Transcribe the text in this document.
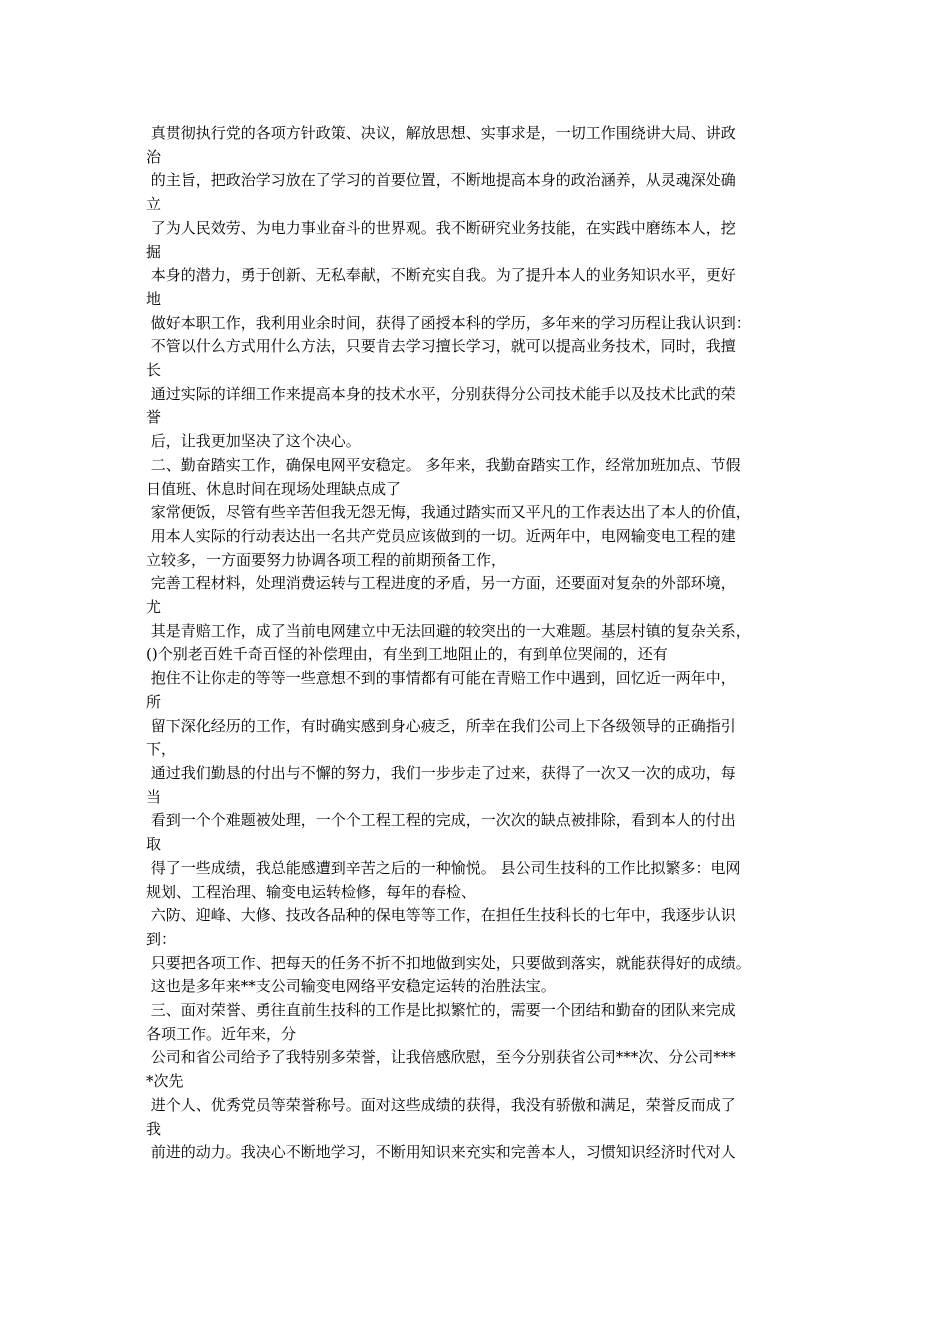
真贯彻执行党的各项方针政策、决议，解放思想、实事求是，一切工作围绕讲大局、讲政
治
的主旨，把政治学习放在了学习的首要位置，不断地提高本身的政治涵养，从灵魂深处确
立
了为人民效劳、为电力事业奋斗的世界观。我不断研究业务技能，在实践中磨练本人，挖
掘
本身的潜力，勇于创新、无私奉献，不断充实自我。为了提升本人的业务知识水平，更好
地
做好本职工作，我利用业余时间，获得了函授本科的学历，多年来的学习历程让我认识到：
不管以什么方式用什么方法，只要肯去学习擅长学习，就可以提高业务技术，同时，我擅
长
通过实际的详细工作来提高本身的技术水平，分别获得分公司技术能手以及技术比武的荣
誉
后，让我更加坚决了这个决心。
二、勤奋踏实工作，确保电网平安稳定。 多年来，我勤奋踏实工作，经常加班加点、节假
日值班、休息时间在现场处理缺点成了
家常便饭，尽管有些辛苦但我无怨无悔，我通过踏实而又平凡的工作表达出了本人的价值，
用本人实际的行动表达出一名共产党员应该做到的一切。近两年中，电网输变电工程的建
立较多，一方面要努力协调各项工程的前期预备工作，
完善工程材料，处理消费运转与工程进度的矛盾，另一方面，还要面对复杂的外部环境，
尤
其是青赔工作，成了当前电网建立中无法回避的较突出的一大难题。基层村镇的复杂关系，
()个别老百姓千奇百怪的补偿理由，有坐到工地阻止的，有到单位哭闹的，还有
抱住不让你走的等等一些意想不到的事情都有可能在青赔工作中遇到，回忆近一两年中，
所
留下深化经历的工作，有时确实感到身心疲乏，所幸在我们公司上下各级领导的正确指引
下，
通过我们勤恳的付出与不懈的努力，我们一步步走了过来，获得了一次又一次的成功，每
当
看到一个个难题被处理，一个个工程工程的完成，一次次的缺点被排除，看到本人的付出
取
得了一些成绩，我总能感遭到辛苦之后的一种愉悦。 县公司生技科的工作比拟繁多：电网
规划、工程治理、输变电运转检修，每年的春检、
六防、迎峰、大修、技改各品种的保电等等工作，在担任生技科长的七年中，我逐步认识
到：
只要把各项工作、把每天的任务不折不扣地做到实处，只要做到落实，就能获得好的成绩。
这也是多年来**支公司输变电网络平安稳定运转的治胜法宝。
三、面对荣誉、勇往直前生技科的工作是比拟繁忙的，需要一个团结和勤奋的团队来完成
各项工作。近年来，分
公司和省公司给予了我特别多荣誉，让我倍感欣慰，至今分别获省公司***次、分公司***
*次先
进个人、优秀党员等荣誉称号。面对这些成绩的获得，我没有骄傲和满足，荣誉反而成了
我
前进的动力。我决心不断地学习，不断用知识来充实和完善本人，习惯知识经济时代对人
